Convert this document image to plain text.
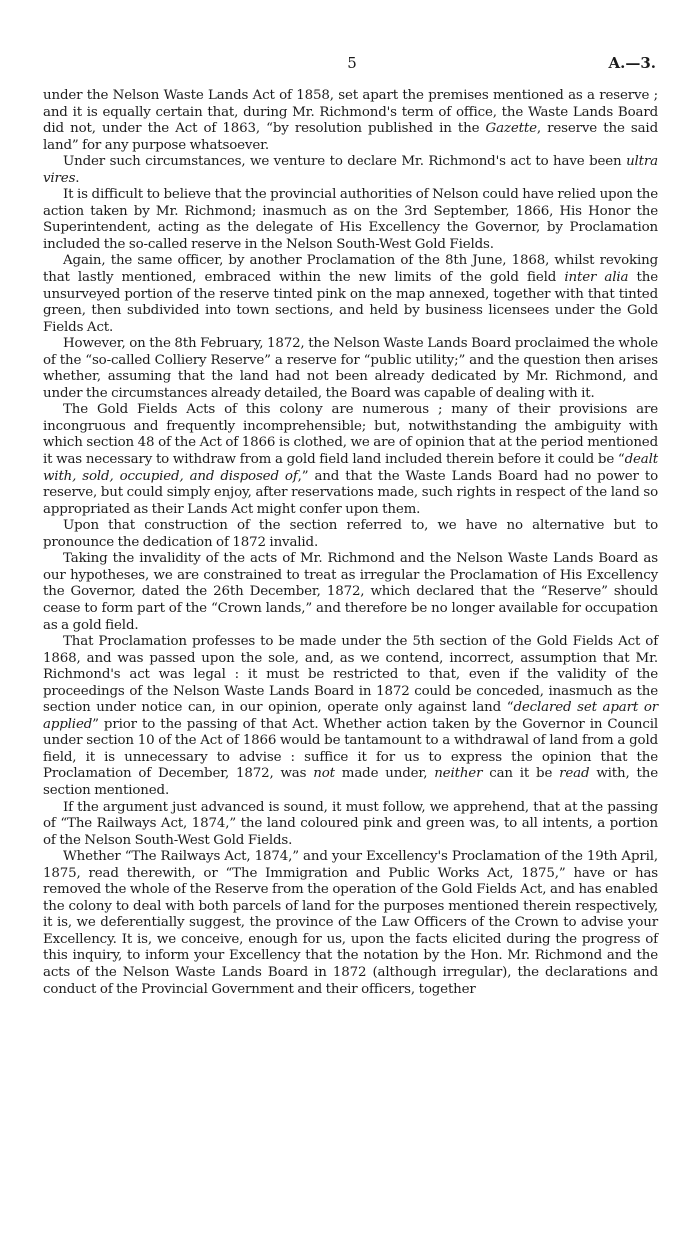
5	A.—3.

under the Nelson Waste Lands Act of 1858, set apart the premises mentioned as a reserve ; and it is equally certain that, during Mr. Richmond's term of office, the Waste Lands Board did not, under the Act of 1863, “by resolution published in the Gazette, reserve the said land” for any purpose whatsoever.

Under such circumstances, we venture to declare Mr. Richmond's act to have been ultra vires.

It is difficult to believe that the provincial authorities of Nelson could have relied upon the action taken by Mr. Richmond; inasmuch as on the 3rd September, 1866, His Honor the Superintendent, acting as the delegate of His Excellency the Governor, by Proclamation included the so-called reserve in the Nelson South-West Gold Fields.

Again, the same officer, by another Proclamation of the 8th June, 1868, whilst revoking that lastly mentioned, embraced within the new limits of the gold field inter alia the unsurveyed portion of the reserve tinted pink on the map annexed, together with that tinted green, then subdivided into town sections, and held by business licensees under the Gold Fields Act.

However, on the 8th February, 1872, the Nelson Waste Lands Board proclaimed the whole of the “so-called Colliery Reserve” a reserve for “public utility;” and the question then arises whether, assuming that the land had not been already dedicated by Mr. Richmond, and under the circumstances already detailed, the Board was capable of dealing with it.

The Gold Fields Acts of this colony are numerous ; many of their provisions are incongruous and frequently incomprehensible; but, notwithstanding the ambiguity with which section 48 of the Act of 1866 is clothed, we are of opinion that at the period mentioned it was necessary to withdraw from a gold field land included therein before it could be “dealt with, sold, occupied, and disposed of,” and that the Waste Lands Board had no power to reserve, but could simply enjoy, after reservations made, such rights in respect of the land so appropriated as their Lands Act might confer upon them.

Upon that construction of the section referred to, we have no alternative but to pronounce the dedication of 1872 invalid.

Taking the invalidity of the acts of Mr. Richmond and the Nelson Waste Lands Board as our hypotheses, we are constrained to treat as irregular the Proclamation of His Excellency the Governor, dated the 26th December, 1872, which declared that the “Reserve” should cease to form part of the “Crown lands,” and therefore be no longer available for occupation as a gold field.

That Proclamation professes to be made under the 5th section of the Gold Fields Act of 1868, and was passed upon the sole, and, as we contend, incorrect, assumption that Mr. Richmond's act was legal : it must be restricted to that, even if the validity of the proceedings of the Nelson Waste Lands Board in 1872 could be conceded, inasmuch as the section under notice can, in our opinion, operate only against land “declared set apart or applied” prior to the passing of that Act. Whether action taken by the Governor in Council under section 10 of the Act of 1866 would be tantamount to a withdrawal of land from a gold field, it is unnecessary to advise : suffice it for us to express the opinion that the Proclamation of December, 1872, was not made under, neither can it be read with, the section mentioned.

If the argument just advanced is sound, it must follow, we apprehend, that at the passing of “The Railways Act, 1874,” the land coloured pink and green was, to all intents, a portion of the Nelson South-West Gold Fields.

Whether “The Railways Act, 1874,” and your Excellency's Proclamation of the 19th April, 1875, read therewith, or “The Immigration and Public Works Act, 1875,” have or has removed the whole of the Reserve from the operation of the Gold Fields Act, and has enabled the colony to deal with both parcels of land for the purposes mentioned therein respectively, it is, we deferentially suggest, the province of the Law Officers of the Crown to advise your Excellency. It is, we conceive, enough for us, upon the facts elicited during the progress of this inquiry, to inform your Excellency that the notation by the Hon. Mr. Richmond and the acts of the Nelson Waste Lands Board in 1872 (although irregular), the declarations and conduct of the Provincial Government and their officers, together
